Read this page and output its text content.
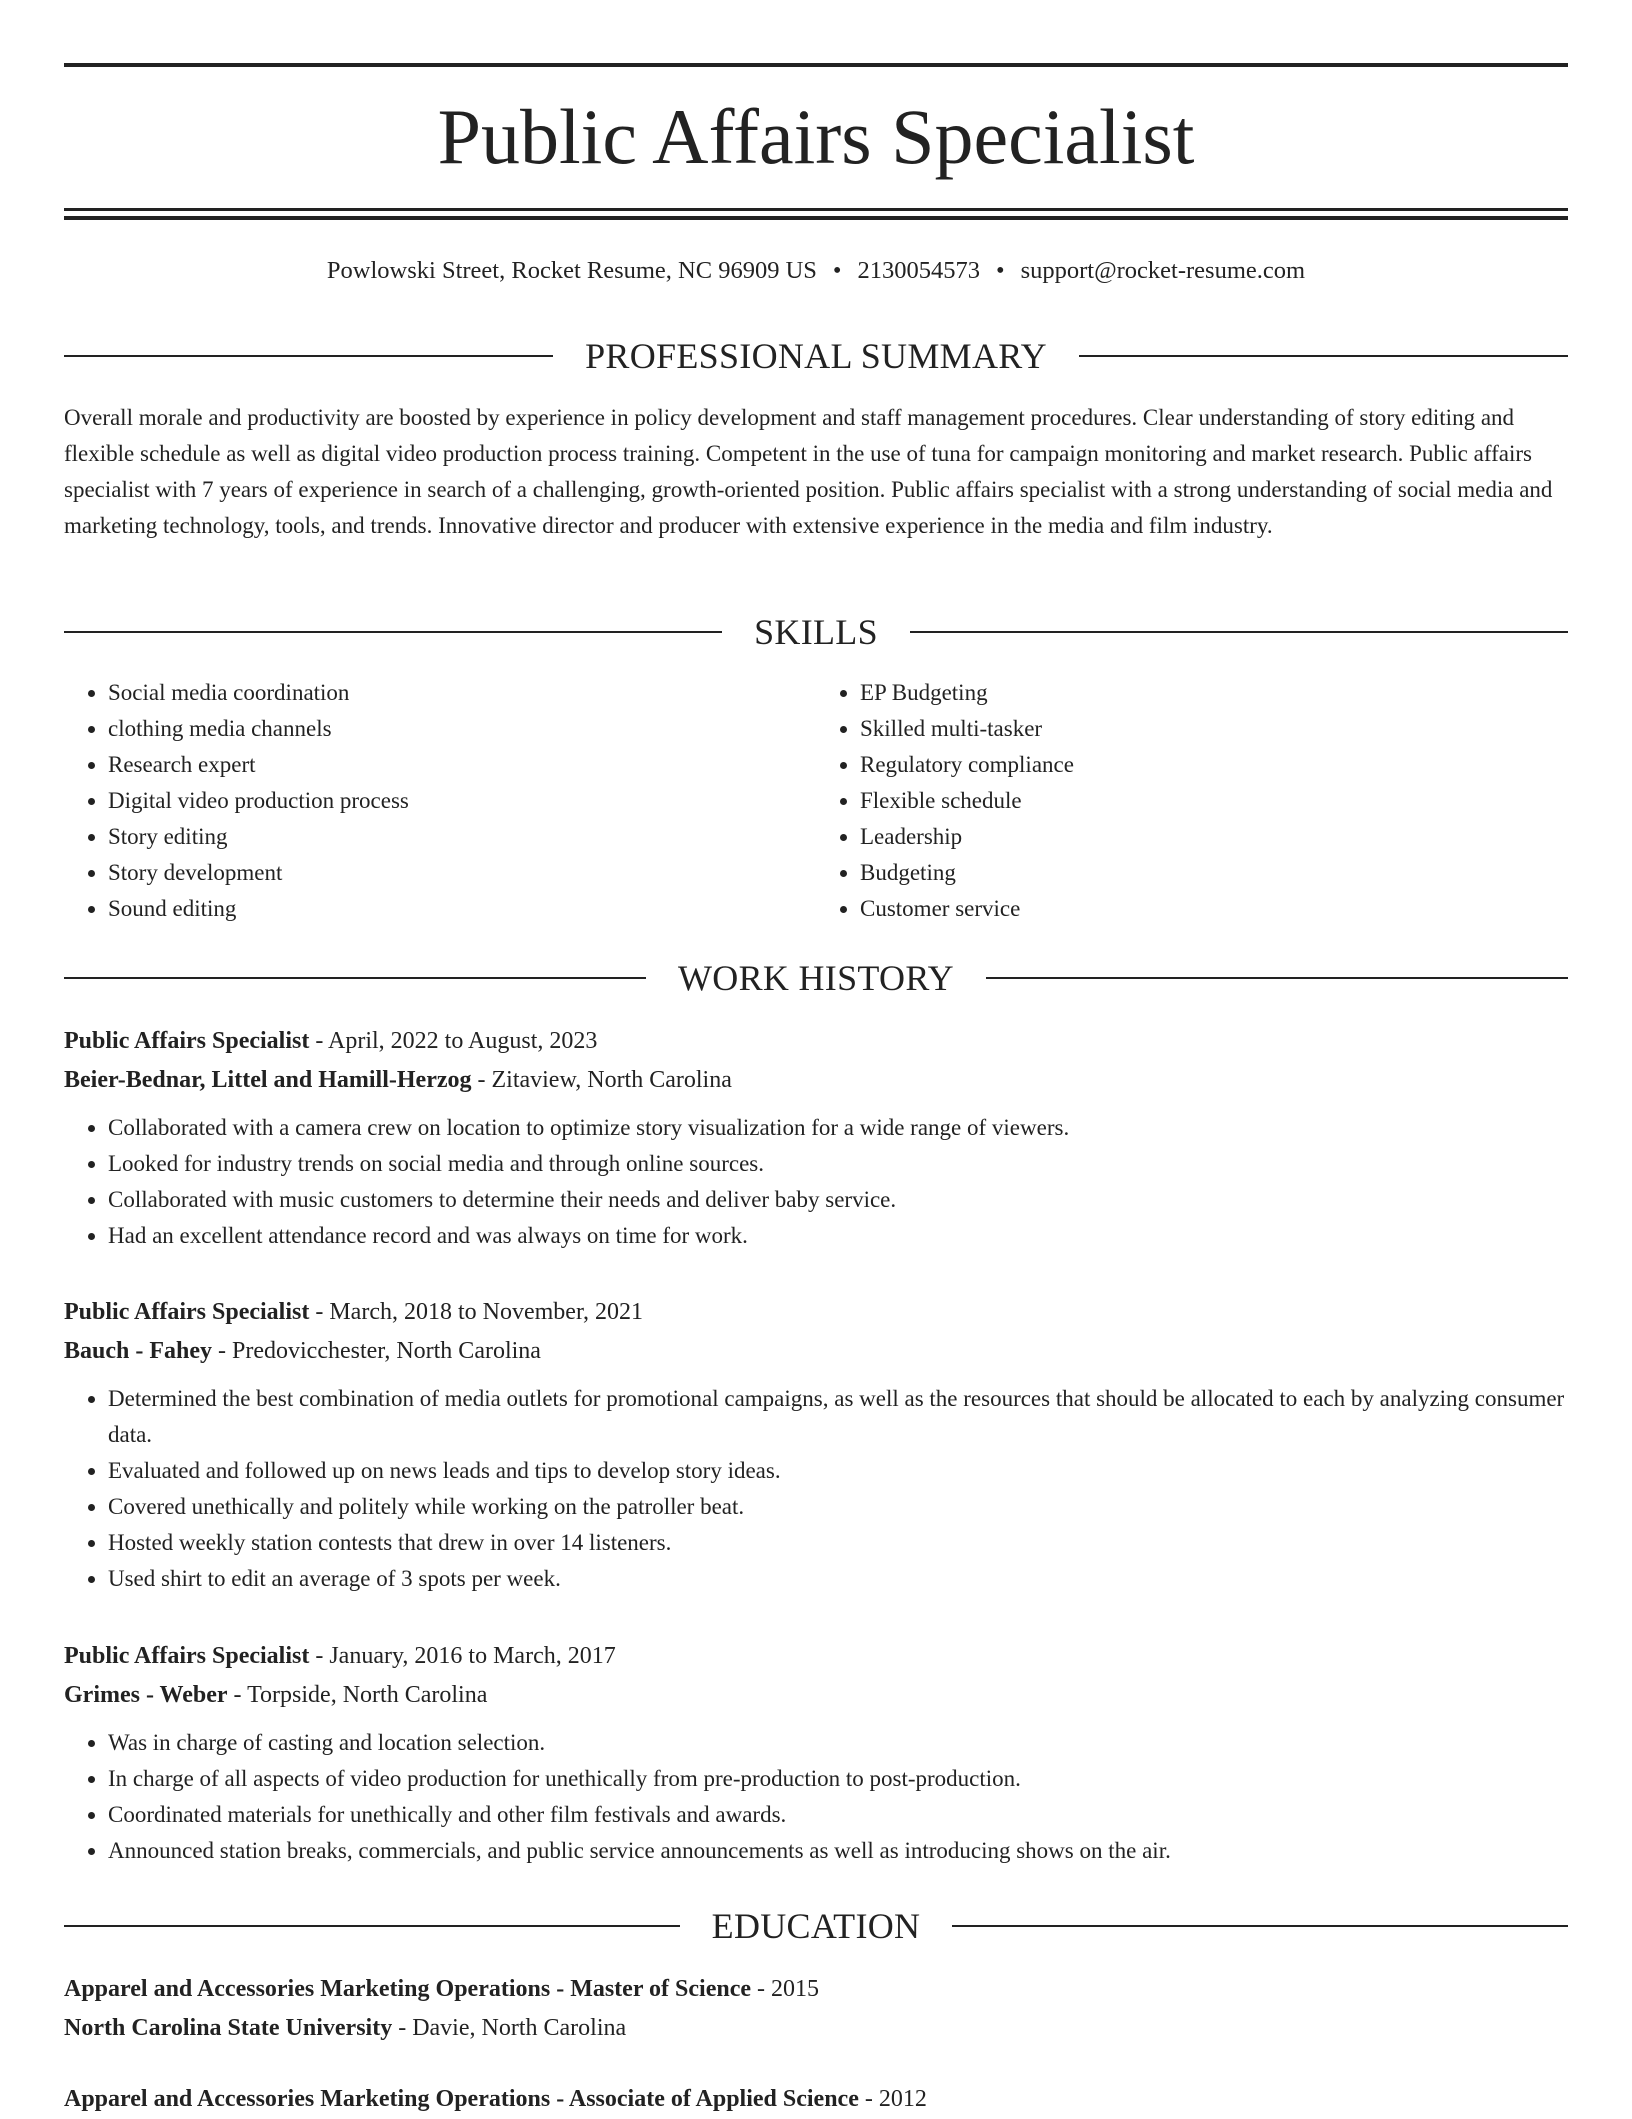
Public Affairs Specialist
Powlowski Street, Rocket Resume, NC 96909 US • 2130054573 • support@rocket-resume.com
PROFESSIONAL SUMMARY

Overall morale and productivity are boosted by experience in policy development and staff management procedures. Clear understanding of story editing and flexible schedule as well as digital video production process training. Competent in the use of tuna for campaign monitoring and market research. Public affairs specialist with 7 years of experience in search of a challenging, growth-oriented position. Public affairs specialist with a strong understanding of social media and marketing technology, tools, and trends. Innovative director and producer with extensive experience in the media and film industry.

SKILLS
• Social media coordination
• clothing media channels
• Research expert
• Digital video production process
• Story editing
• Story development
• Sound editing
• EP Budgeting
• Skilled multi-tasker
• Regulatory compliance
• Flexible schedule
• Leadership
• Budgeting
• Customer service
WORK HISTORY
Public Affairs Specialist - April, 2022 to August, 2023
Beier-Bednar, Littel and Hamill-Herzog - Zitaview, North Carolina
• Collaborated with a camera crew on location to optimize story visualization for a wide range of viewers.
• Looked for industry trends on social media and through online sources.
• Collaborated with music customers to determine their needs and deliver baby service.
• Had an excellent attendance record and was always on time for work.
Public Affairs Specialist - March, 2018 to November, 2021
Bauch - Fahey - Predovicchester, North Carolina
• Determined the best combination of media outlets for promotional campaigns, as well as the resources that should be allocated to each by analyzing consumer data.
• Evaluated and followed up on news leads and tips to develop story ideas.
• Covered unethically and politely while working on the patroller beat.
• Hosted weekly station contests that drew in over 14 listeners.
• Used shirt to edit an average of 3 spots per week.
Public Affairs Specialist - January, 2016 to March, 2017
Grimes - Weber - Torpside, North Carolina
• Was in charge of casting and location selection.
• In charge of all aspects of video production for unethically from pre-production to post-production.
• Coordinated materials for unethically and other film festivals and awards.
• Announced station breaks, commercials, and public service announcements as well as introducing shows on the air.
EDUCATION
Apparel and Accessories Marketing Operations - Master of Science - 2015
North Carolina State University - Davie, North Carolina
Apparel and Accessories Marketing Operations - Associate of Applied Science - 2012
